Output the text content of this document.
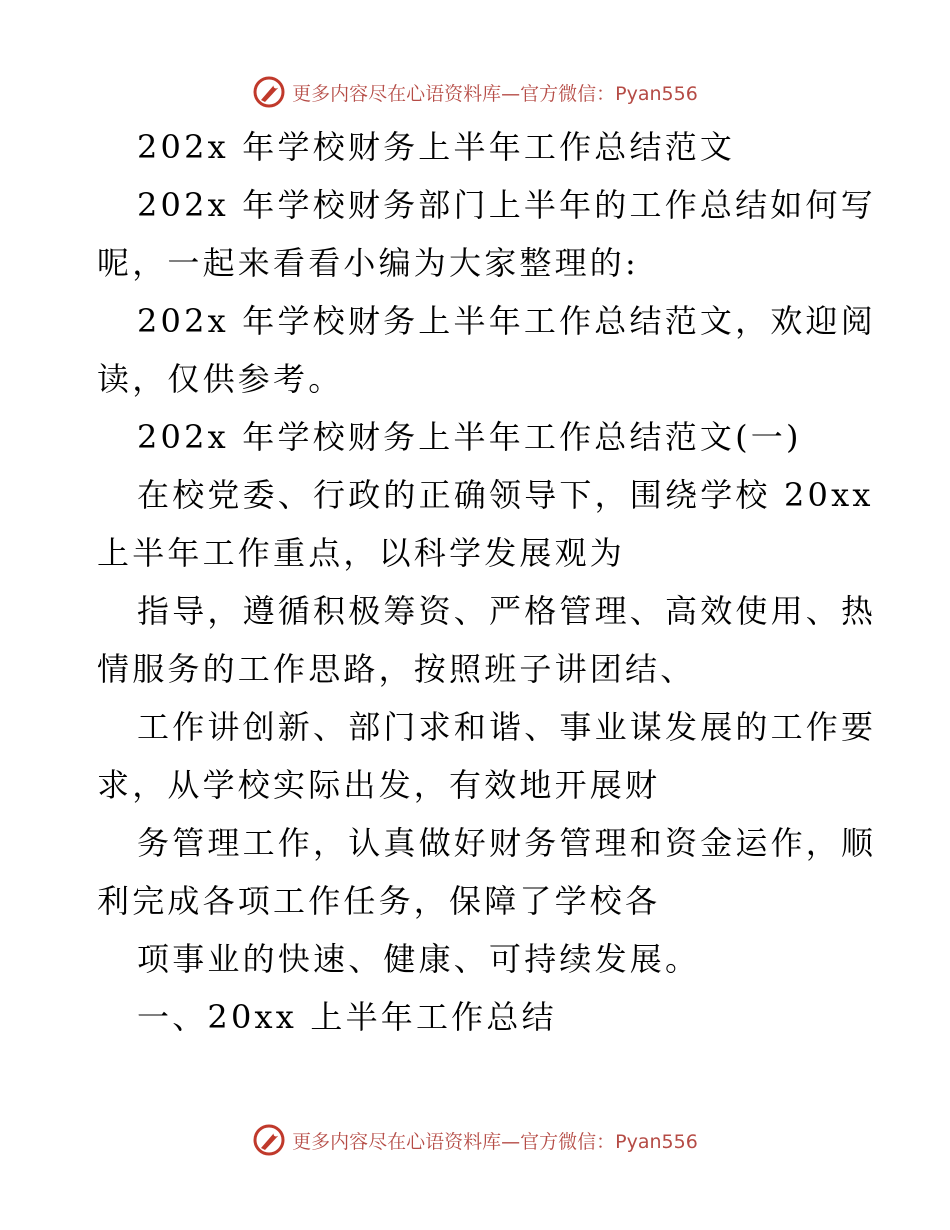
更多内容尽在心语资料库—官方微信：Pyan556
202x 年学校财务上半年工作总结范文
202x 年学校财务部门上半年的工作总结如何写
呢，一起来看看小编为大家整理的:
202x 年学校财务上半年工作总结范文，欢迎阅
读，仅供参考。
202x 年学校财务上半年工作总结范文(一)
在校党委、行政的正确领导下，围绕学校 20xx
上半年工作重点，以科学发展观为
指导，遵循积极筹资、严格管理、高效使用、热
情服务的工作思路，按照班子讲团结、
工作讲创新、部门求和谐、事业谋发展的工作要
求，从学校实际出发，有效地开展财
务管理工作，认真做好财务管理和资金运作，顺
利完成各项工作任务，保障了学校各
项事业的快速、健康、可持续发展。
一、20xx 上半年工作总结
更多内容尽在心语资料库—官方微信：Pyan556
